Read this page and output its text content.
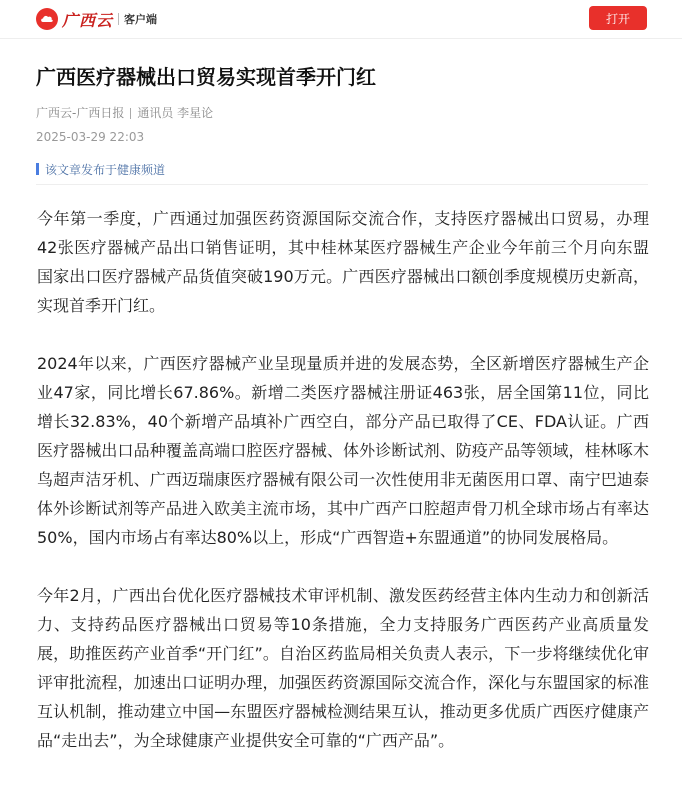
广西云 客户端	打开
广西医疗器械出口贸易实现首季开门红
广西云-广西日报 通讯员 李星论
2025-03-29 22:03
该文章发布于健康频道

今年第一季度，广西通过加强医药资源国际交流合作，支持医疗器械出口贸易，办理42张医疗器械产品出口销售证明，其中桂林某医疗器械生产企业今年前三个月向东盟国家出口医疗器械产品货值突破190万元。广西医疗器械出口额创季度规模历史新高，实现首季开门红。

2024年以来，广西医疗器械产业呈现量质并进的发展态势，全区新增医疗器械生产企业47家，同比增长67.86%。新增二类医疗器械注册证463张，居全国第11位，同比增长32.83%，40个新增产品填补广西空白，部分产品已取得了CE、FDA认证。广西医疗器械出口品种覆盖高端口腔医疗器械、体外诊断试剂、防疫产品等领域，桂林啄木鸟超声洁牙机、广西迈瑞康医疗器械有限公司一次性使用非无菌医用口罩、南宁巴迪泰体外诊断试剂等产品进入欧美主流市场，其中广西产口腔超声骨刀机全球市场占有率达50%，国内市场占有率达80%以上，形成“广西智造+东盟通道”的协同发展格局。

今年2月，广西出台优化医疗器械技术审评机制、激发医药经营主体内生动力和创新活力、支持药品医疗器械出口贸易等10条措施，全力支持服务广西医药产业高质量发展，助推医药产业首季“开门红”。自治区药监局相关负责人表示，下一步将继续优化审评审批流程，加速出口证明办理，加强医药资源国际交流合作，深化与东盟国家的标准互认机制，推动建立中国—东盟医疗器械检测结果互认，推动更多优质广西医疗健康产品“走出去”，为全球健康产业提供安全可靠的“广西产品”。
